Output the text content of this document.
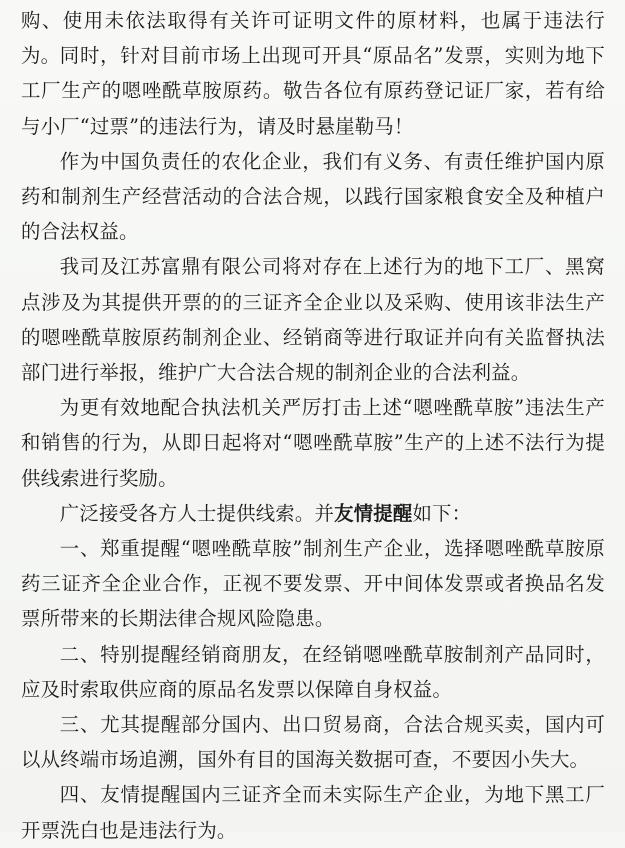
购、使用未依法取得有关许可证明文件的原材料，也属于违法行为。 同时，针对目前市场上出现可开具“原品名”发票，实则为地下工厂生产的嗯唑酰草胺原药。敬告各位有原药登记证厂家，若有给与小厂“过票”的违法行为，请及时悬崖勒马！

作为中国负责任的农化企业，我们有义务、有责任维护国内原药和制剂生产经营活动的合法合规，以践行国家粮食安全及种植户的合法权益。

我司及江苏富鼎有限公司将对存在上述行为的地下工厂、黑窝点涉及为其提供开票的的三证齐全企业以及采购、使用该非法生产的嗯唑酰草胺原药制剂企业、经销商等进行取证并向有关监督执法部门进行举报，维护广大合法合规的制剂企业的合法利益。

为更有效地配合执法机关严厉打击上述“嗯唑酰草胺”违法生产和销售的行为，从即日起将对“嗯唑酰草胺”生产的上述不法行为提供线索进行奖励。

广泛接受各方人士提供线索。并友情提醒如下：

一、郑重提醒“嗯唑酰草胺”制剂生产企业，选择嗯唑酰草胺原药三证齐全企业合作，正视不要发票、开中间体发票或者换品名发票所带来的长期法律合规风险隐患。

二、特别提醒经销商朋友，在经销嗯唑酰草胺制剂产品同时，应及时索取供应商的原品名发票以保障自身权益。

三、尤其提醒部分国内、出口贸易商，合法合规买卖，国内可以从终端市场追溯，国外有目的国海关数据可查，不要因小失大。

四、友情提醒国内三证齐全而未实际生产企业，为地下黑工厂开票洗白也是违法行为。
